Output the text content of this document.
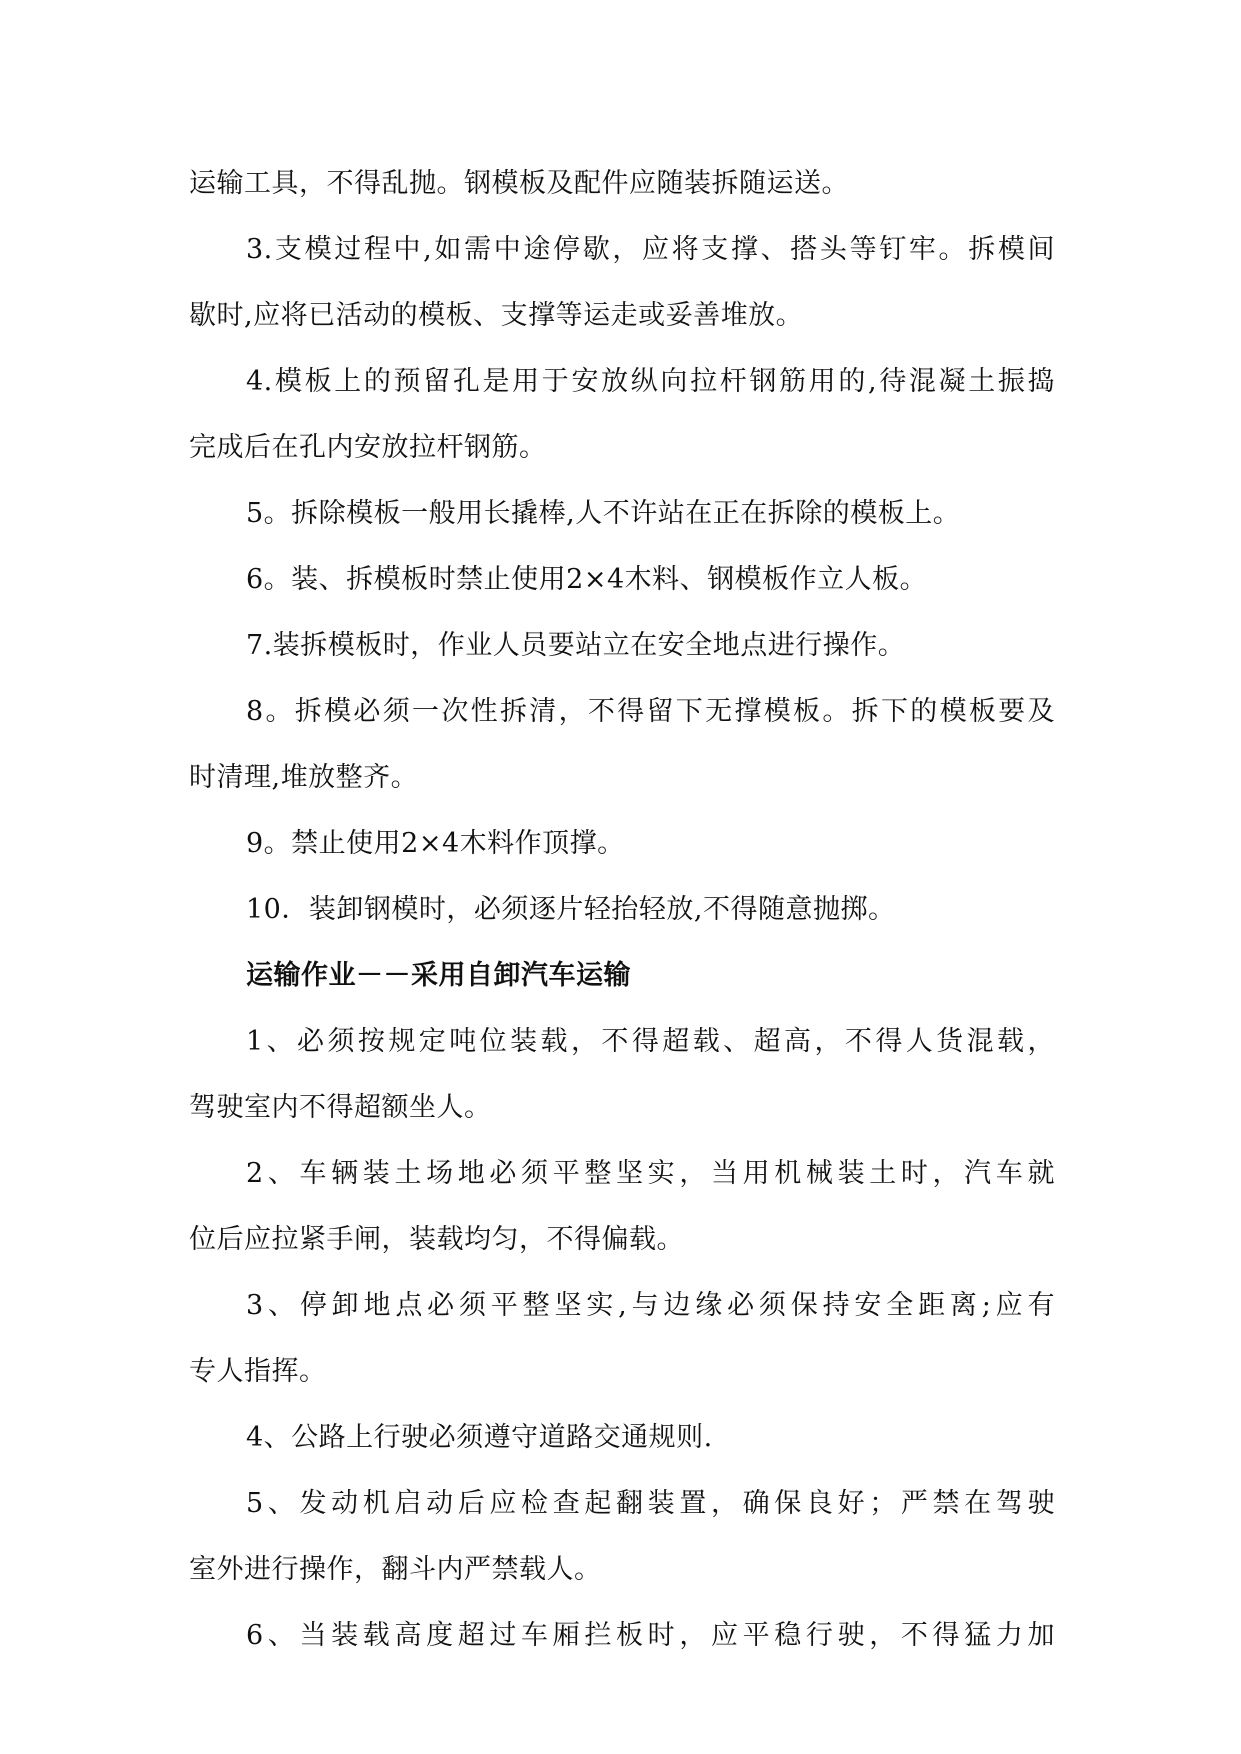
运输工具，不得乱抛。钢模板及配件应随装拆随运送。
3.支模过程中,如需中途停歇，应将支撑、搭头等钉牢。拆模间
歇时,应将已活动的模板、支撑等运走或妥善堆放。
4.模板上的预留孔是用于安放纵向拉杆钢筋用的,待混凝土振捣
完成后在孔内安放拉杆钢筋。
5。拆除模板一般用长撬棒,人不许站在正在拆除的模板上。
6。装、拆模板时禁止使用2×4木料、钢模板作立人板。
7.装拆模板时，作业人员要站立在安全地点进行操作。
8。拆模必须一次性拆清，不得留下无撑模板。拆下的模板要及
时清理,堆放整齐。
9。禁止使用2×4木料作顶撑。
10．装卸钢模时，必须逐片轻抬轻放,不得随意抛掷。
运输作业－－采用自卸汽车运输
1、必须按规定吨位装载，不得超载、超高，不得人货混载，
驾驶室内不得超额坐人。
2、车辆装土场地必须平整坚实，当用机械装土时，汽车就
位后应拉紧手闸，装载均匀，不得偏载。
3、停卸地点必须平整坚实,与边缘必须保持安全距离;应有
专人指挥。
4、公路上行驶必须遵守道路交通规则.
5、发动机启动后应检查起翻装置，确保良好；严禁在驾驶
室外进行操作，翻斗内严禁载人。
6、当装载高度超过车厢拦板时，应平稳行驶，不得猛力加
